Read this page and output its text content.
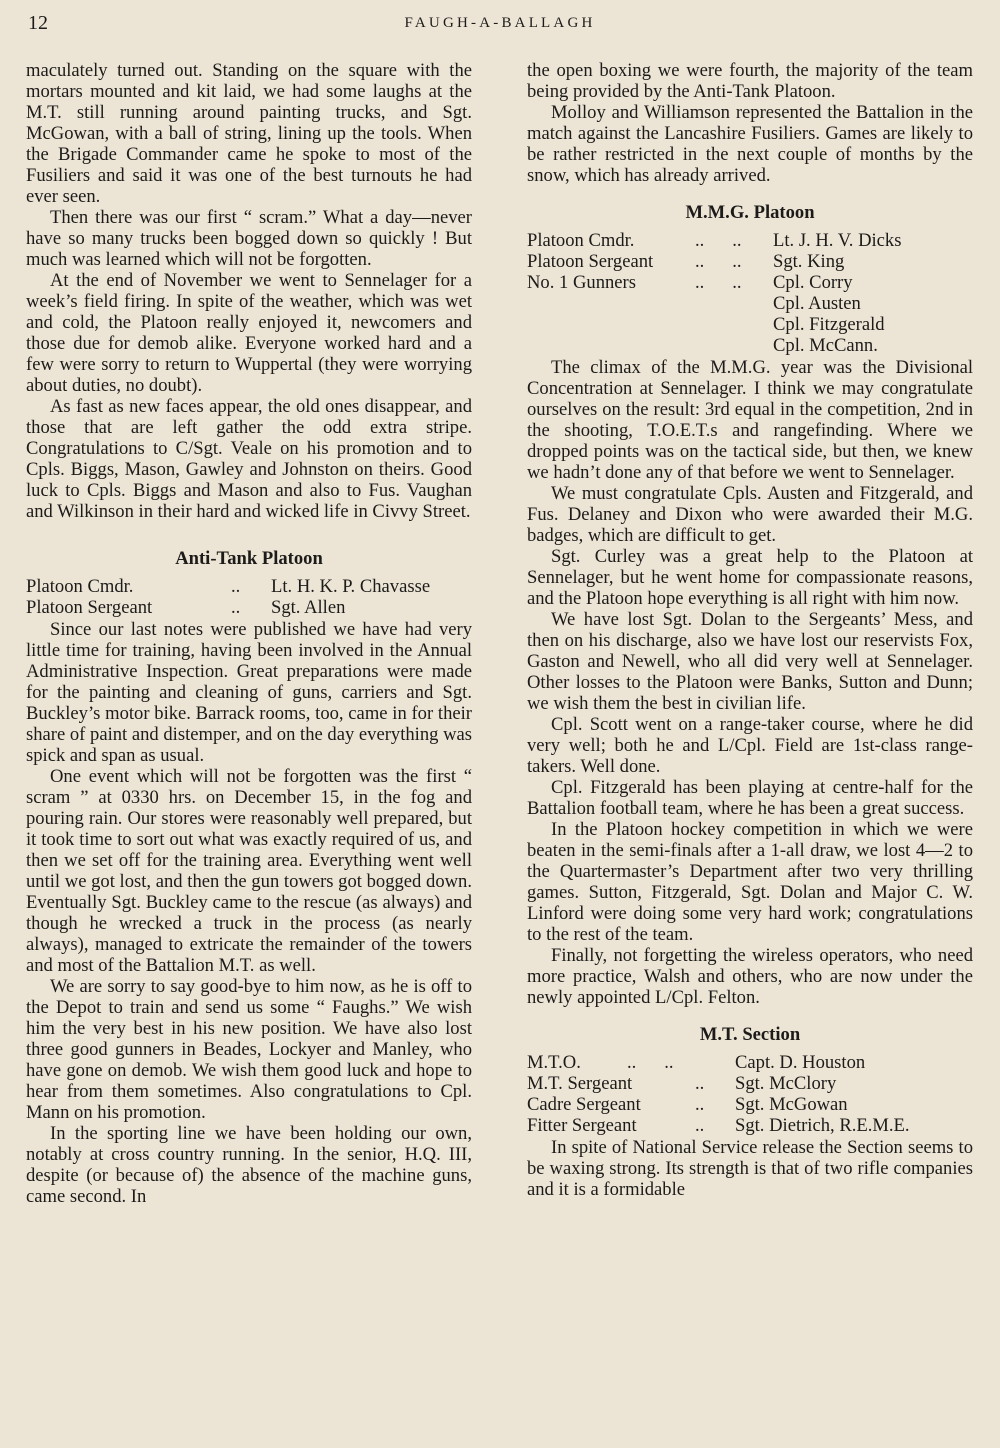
12	FAUGH-A-BALLAGH

maculately turned out. Standing on the square with the mortars mounted and kit laid, we had some laughs at the M.T. still running around painting trucks, and Sgt. McGowan, with a ball of string, lining up the tools. When the Brigade Commander came he spoke to most of the Fusiliers and said it was one of the best turnouts he had ever seen.

Then there was our first “ scram.” What a day—never have so many trucks been bogged down so quickly ! But much was learned which will not be forgotten.

At the end of November we went to Sennelager for a week’s field firing. In spite of the weather, which was wet and cold, the Platoon really enjoyed it, newcomers and those due for demob alike. Everyone worked hard and a few were sorry to return to Wuppertal (they were worrying about duties, no doubt).

As fast as new faces appear, the old ones disappear, and those that are left gather the odd extra stripe. Congratulations to C/Sgt. Veale on his promotion and to Cpls. Biggs, Mason, Gawley and Johnston on theirs. Good luck to Cpls. Biggs and Mason and also to Fus. Vaughan and Wilkinson in their hard and wicked life in Civvy Street.

Anti-Tank Platoon
Platoon Cmdr.	..	Lt. H. K. P. Chavasse
Platoon Sergeant	..	Sgt. Allen

Since our last notes were published we have had very little time for training, having been involved in the Annual Administrative Inspection. Great preparations were made for the painting and cleaning of guns, carriers and Sgt. Buckley’s motor bike. Barrack rooms, too, came in for their share of paint and distemper, and on the day everything was spick and span as usual.

One event which will not be forgotten was the first “ scram ” at 0330 hrs. on December 15, in the fog and pouring rain. Our stores were reasonably well prepared, but it took time to sort out what was exactly required of us, and then we set off for the training area. Everything went well until we got lost, and then the gun towers got bogged down. Eventually Sgt. Buckley came to the rescue (as always) and though he wrecked a truck in the process (as nearly always), managed to extricate the remainder of the towers and most of the Battalion M.T. as well.

We are sorry to say good-bye to him now, as he is off to the Depot to train and send us some “ Faughs.” We wish him the very best in his new position. We have also lost three good gunners in Beades, Lockyer and Manley, who have gone on demob. We wish them good luck and hope to hear from them sometimes. Also congratulations to Cpl. Mann on his promotion.

In the sporting line we have been holding our own, notably at cross country running. In the senior, H.Q. III, despite (or because of) the absence of the machine guns, came second. In

the open boxing we were fourth, the majority of the team being provided by the Anti-Tank Platoon.

Molloy and Williamson represented the Battalion in the match against the Lancashire Fusiliers. Games are likely to be rather restricted in the next couple of months by the snow, which has already arrived.

M.M.G. Platoon
Platoon Cmdr.	..      ..	Lt. J. H. V. Dicks
Platoon Sergeant	..      ..	Sgt. King
No. 1 Gunners	..      ..	Cpl. Corry
Cpl. Austen
Cpl. Fitzgerald
Cpl. McCann.

The climax of the M.M.G. year was the Divisional Concentration at Sennelager. I think we may congratulate ourselves on the result: 3rd equal in the competition, 2nd in the shooting, T.O.E.T.s and rangefinding. Where we dropped points was on the tactical side, but then, we knew we hadn’t done any of that before we went to Sennelager.

We must congratulate Cpls. Austen and Fitzgerald, and Fus. Delaney and Dixon who were awarded their M.G. badges, which are difficult to get.

Sgt. Curley was a great help to the Platoon at Sennelager, but he went home for compassionate reasons, and the Platoon hope everything is all right with him now.

We have lost Sgt. Dolan to the Sergeants’ Mess, and then on his discharge, also we have lost our reservists Fox, Gaston and Newell, who all did very well at Sennelager. Other losses to the Platoon were Banks, Sutton and Dunn; we wish them the best in civilian life.

Cpl. Scott went on a range-taker course, where he did very well; both he and L/Cpl. Field are 1st-class range-takers. Well done.

Cpl. Fitzgerald has been playing at centre-half for the Battalion football team, where he has been a great success.

In the Platoon hockey competition in which we were beaten in the semi-finals after a 1-all draw, we lost 4—2 to the Quartermaster’s Department after two very thrilling games. Sutton, Fitzgerald, Sgt. Dolan and Major C. W. Linford were doing some very hard work; congratulations to the rest of the team.

Finally, not forgetting the wireless operators, who need more practice, Walsh and others, who are now under the newly appointed L/Cpl. Felton.

M.T. Section
M.T.O.	..      ..	Capt. D. Houston
M.T. Sergeant	..	Sgt. McClory
Cadre Sergeant	..	Sgt. McGowan
Fitter Sergeant	..	Sgt. Dietrich, R.E.M.E.

In spite of National Service release the Section seems to be waxing strong. Its strength is that of two rifle companies and it is a formidable
